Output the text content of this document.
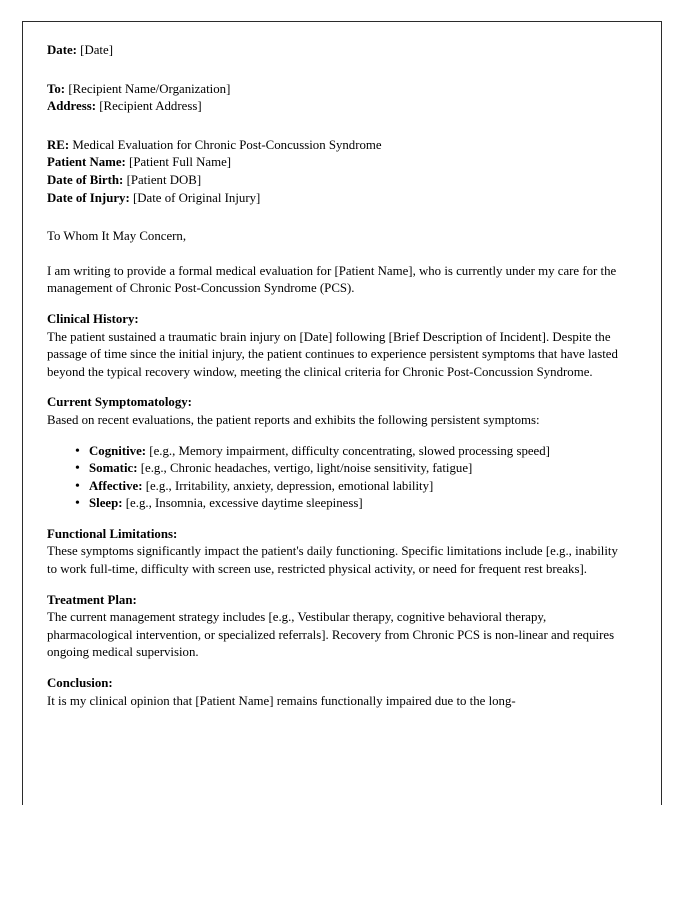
Date: [Date]
To: [Recipient Name/Organization]
Address: [Recipient Address]
RE: Medical Evaluation for Chronic Post-Concussion Syndrome
Patient Name: [Patient Full Name]
Date of Birth: [Patient DOB]
Date of Injury: [Date of Original Injury]
To Whom It May Concern,
I am writing to provide a formal medical evaluation for [Patient Name], who is currently under my care for the management of Chronic Post-Concussion Syndrome (PCS).
Clinical History:
The patient sustained a traumatic brain injury on [Date] following [Brief Description of Incident]. Despite the passage of time since the initial injury, the patient continues to experience persistent symptoms that have lasted beyond the typical recovery window, meeting the clinical criteria for Chronic Post-Concussion Syndrome.
Current Symptomatology:
Based on recent evaluations, the patient reports and exhibits the following persistent symptoms:
• Cognitive: [e.g., Memory impairment, difficulty concentrating, slowed processing speed]
• Somatic: [e.g., Chronic headaches, vertigo, light/noise sensitivity, fatigue]
• Affective: [e.g., Irritability, anxiety, depression, emotional lability]
• Sleep: [e.g., Insomnia, excessive daytime sleepiness]
Functional Limitations:
These symptoms significantly impact the patient's daily functioning. Specific limitations include [e.g., inability to work full-time, difficulty with screen use, restricted physical activity, or need for frequent rest breaks].
Treatment Plan:
The current management strategy includes [e.g., Vestibular therapy, cognitive behavioral therapy, pharmacological intervention, or specialized referrals]. Recovery from Chronic PCS is non-linear and requires ongoing medical supervision.
Conclusion:
It is my clinical opinion that [Patient Name] remains functionally impaired due to the long-
